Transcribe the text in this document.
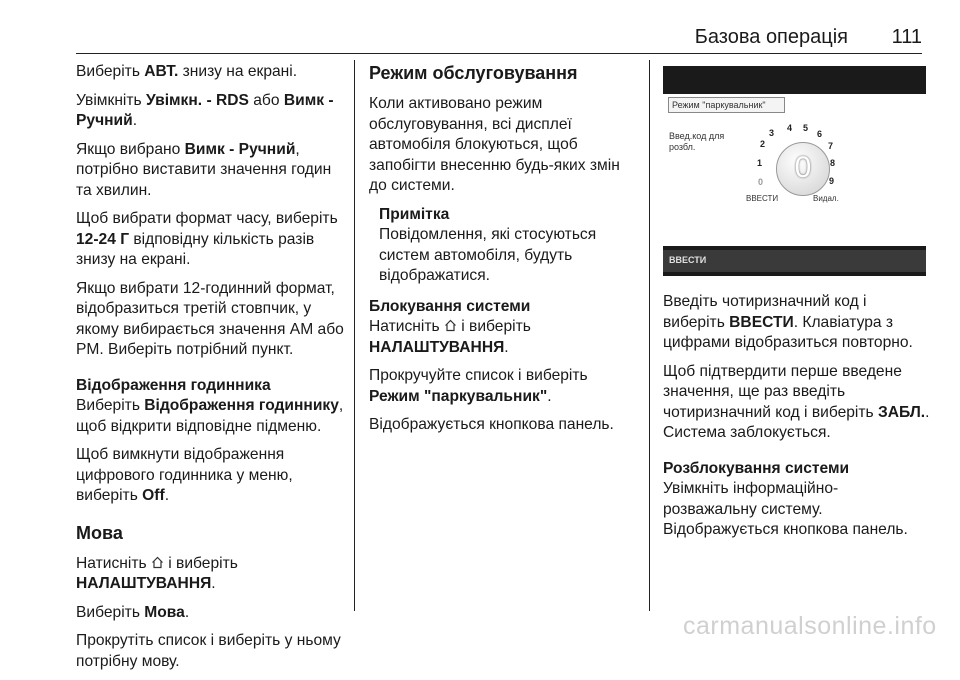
Базова операція 111

Виберіть АВТ. знизу на екрані.

Увімкніть Увімкн. - RDS або Вимк - Ручний.

Якщо вибрано Вимк - Ручний, потрібно виставити значення годин та хвилин.

Щоб вибрати формат часу, виберіть 12-24 Г відповідну кількість разів знизу на екрані.

Якщо вибрати 12-годинний формат, відобразиться третій стовпчик, у якому вибирається значення AM або PM. Виберіть потрібний пункт.

Відображення годинника

Виберіть Відображення годиннику, щоб відкрити відповідне підменю.

Щоб вимкнути відображення цифрового годинника у меню, виберіть Off.

Мова

Натисніть  і виберіть НАЛАШТУВАННЯ.

Виберіть Мова.

Прокрутіть список і виберіть у ньому потрібну мову.

Режим обслуговування

Коли активовано режим обслуговування, всі дисплеї автомобіля блокуються, щоб запобігти внесенню будь-яких змін до системи.

Примітка
Повідомлення, які стосуються систем автомобіля, будуть відображатися.
Блокування системи

Натисніть  і виберіть НАЛАШТУВАННЯ.

Прокручуйте список і виберіть Режим "паркувальник".

Відображується кнопкова панель.

Режим "паркувальник"
Введ.код для розбл.
0
0
1
2
3 4 5
6
7
8
9
ВВЕСТИ	Видал.
ВВЕСТИ

Введіть чотиризначний код і виберіть ВВЕСТИ. Клавіатура з цифрами відобразиться повторно.

Щоб підтвердити перше введене значення, ще раз введіть чотиризначний код і виберіть ЗАБЛ.. Система заблокується.

Розблокування системи

Увімкніть інформаційно-розважальну систему. Відображується кнопкова панель.

carmanualsonline.info
